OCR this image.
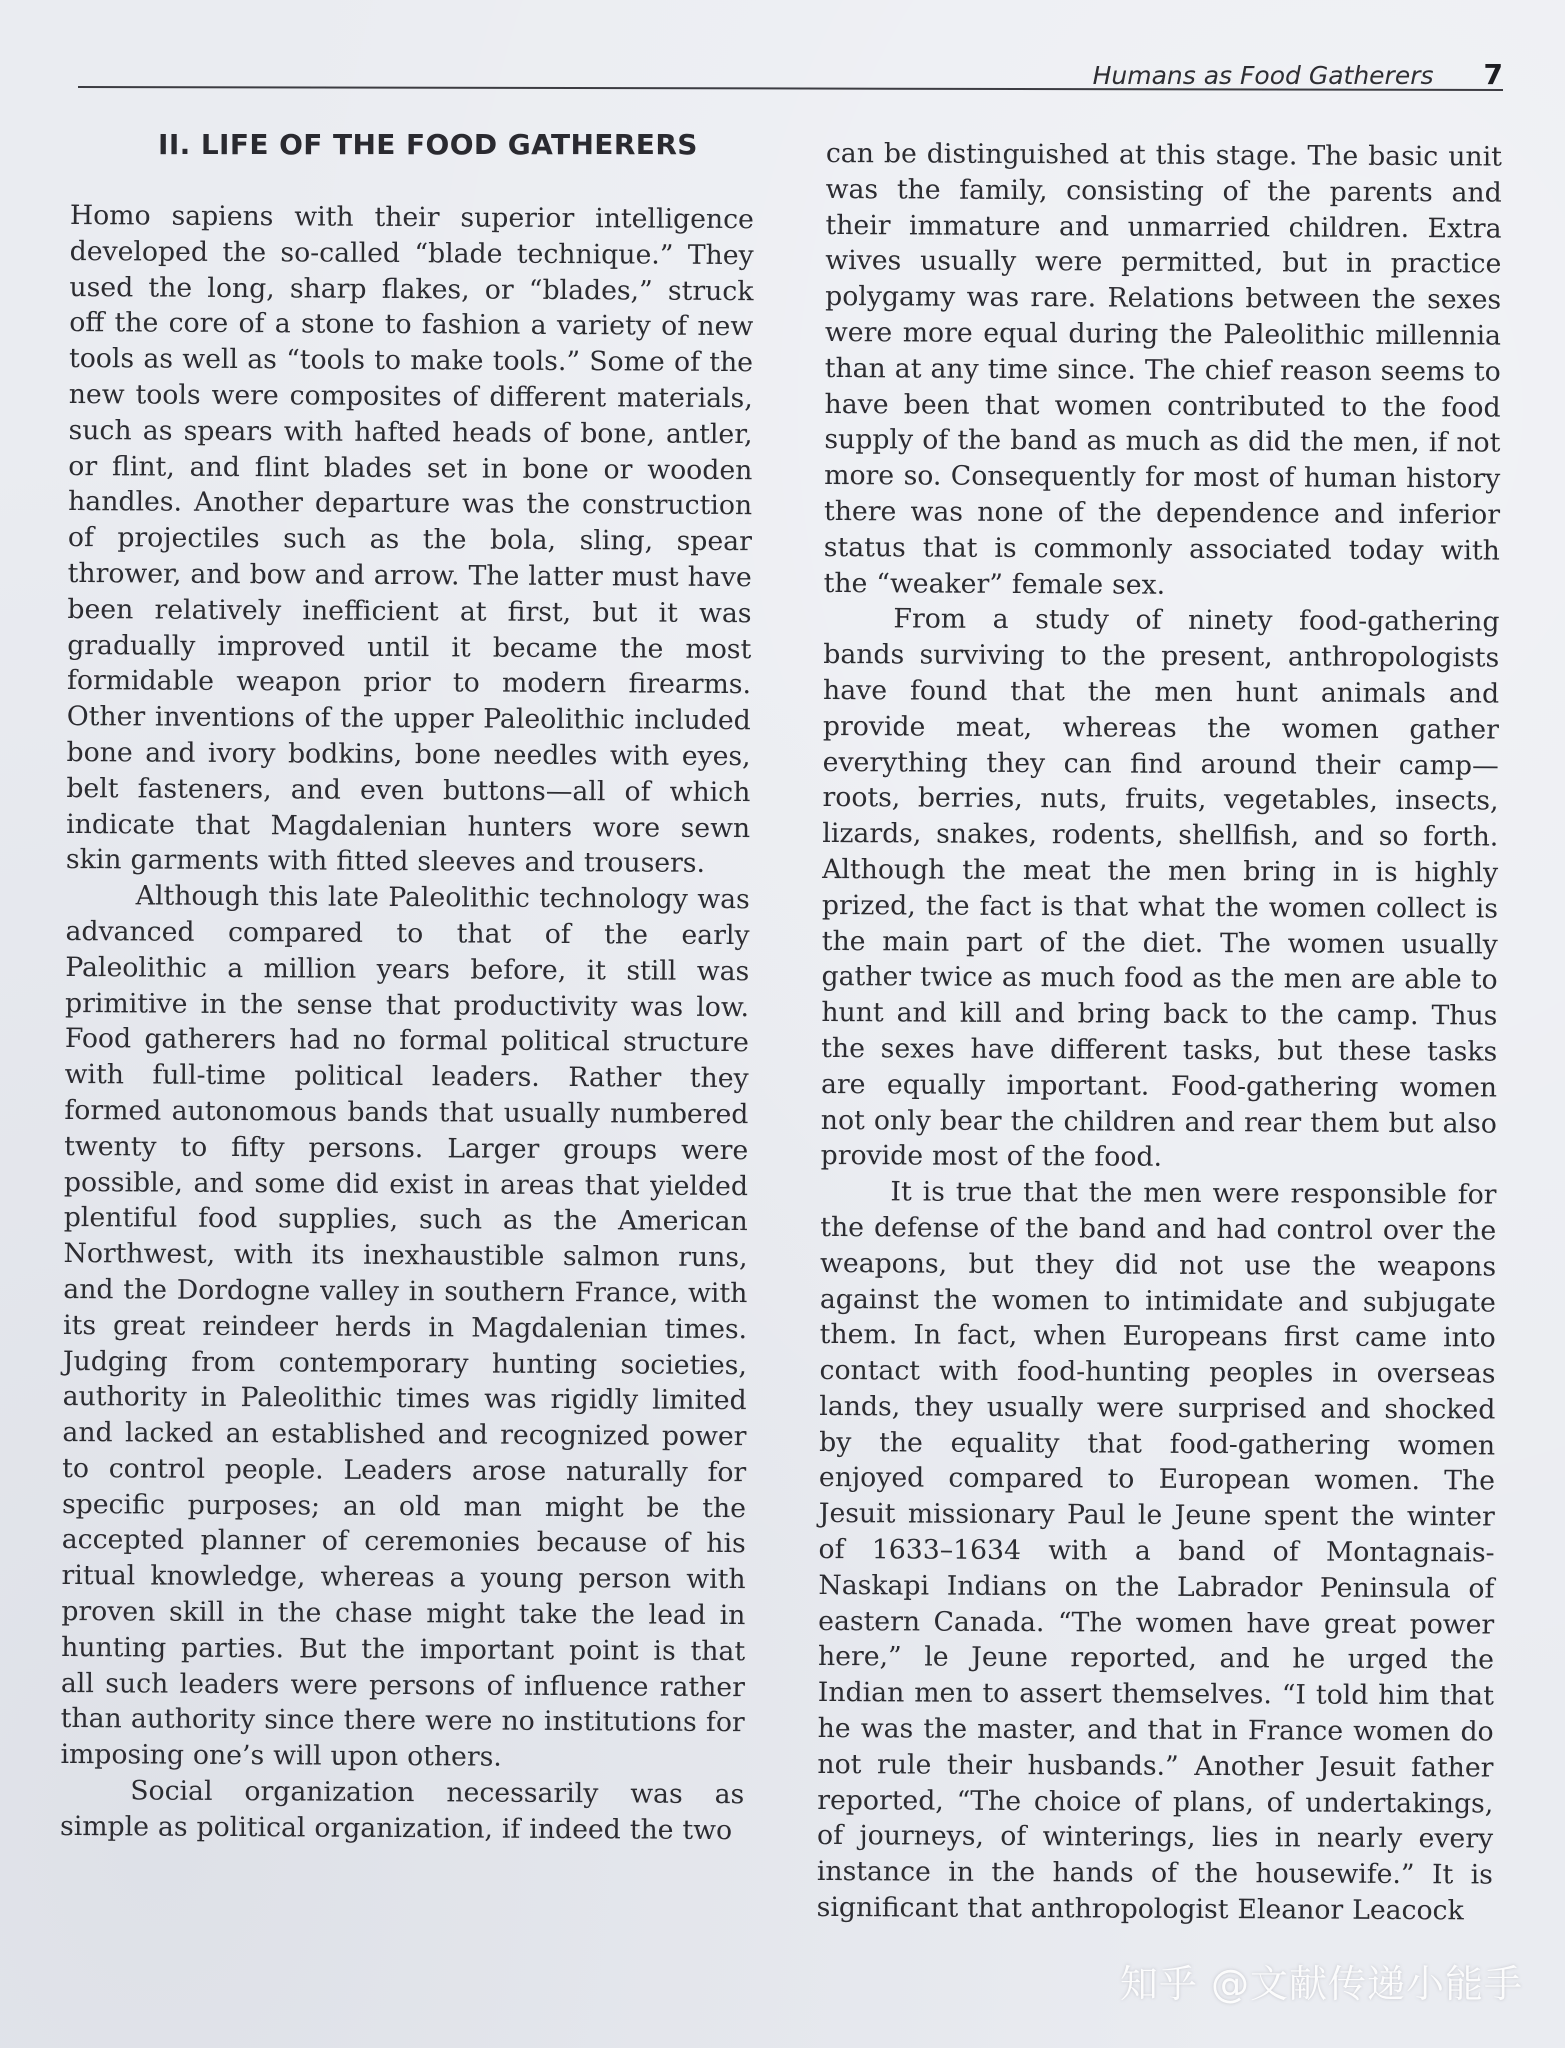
Humans as Food Gatherers 7
II. LIFE OF THE FOOD GATHERERS

Homo sapiens with their superior intelligence developed the so-called “blade technique.” They used the long, sharp flakes, or “blades,” struck off the core of a stone to fashion a variety of new tools as well as “tools to make tools.” Some of the new tools were composites of different materials, such as spears with hafted heads of bone, antler, or flint, and flint blades set in bone or wooden handles. Another departure was the construction of projectiles such as the bola, sling, spear thrower, and bow and arrow. The latter must have been relatively inefficient at first, but it was gradually improved until it became the most formidable weapon prior to modern firearms. Other inventions of the upper Paleolithic included bone and ivory bodkins, bone needles with eyes, belt fasteners, and even buttons—all of which indicate that Magdalenian hunters wore sewn skin garments with fitted sleeves and trousers.

Although this late Paleolithic technology was advanced compared to that of the early Paleolithic a million years before, it still was primitive in the sense that productivity was low. Food gatherers had no formal political structure with full-time political leaders. Rather they formed autonomous bands that usually numbered twenty to fifty persons. Larger groups were possible, and some did exist in areas that yielded plentiful food supplies, such as the American Northwest, with its inexhaustible salmon runs, and the Dordogne valley in southern France, with its great reindeer herds in Magdalenian times. Judging from contemporary hunting societies, authority in Paleolithic times was rigidly limited and lacked an established and recognized power to control people. Leaders arose naturally for specific purposes; an old man might be the accepted planner of ceremonies because of his ritual knowledge, whereas a young person with proven skill in the chase might take the lead in hunting parties. But the important point is that all such leaders were persons of influence rather than authority since there were no institutions for imposing one’s will upon others.

Social organization necessarily was as simple as political organization, if indeed the two

can be distinguished at this stage. The basic unit was the family, consisting of the parents and their immature and unmarried children. Extra wives usually were permitted, but in practice polygamy was rare. Relations between the sexes were more equal during the Paleolithic millennia than at any time since. The chief reason seems to have been that women contributed to the food supply of the band as much as did the men, if not more so. Consequently for most of human history there was none of the dependence and inferior status that is commonly associated today with the “weaker” female sex.

From a study of ninety food-gathering bands surviving to the present, anthropologists have found that the men hunt animals and provide meat, whereas the women gather everything they can find around their camp—roots, berries, nuts, fruits, vegetables, insects, lizards, snakes, rodents, shellfish, and so forth. Although the meat the men bring in is highly prized, the fact is that what the women collect is the main part of the diet. The women usually gather twice as much food as the men are able to hunt and kill and bring back to the camp. Thus the sexes have different tasks, but these tasks are equally important. Food-gathering women not only bear the children and rear them but also provide most of the food.

It is true that the men were responsible for the defense of the band and had control over the weapons, but they did not use the weapons against the women to intimidate and subjugate them. In fact, when Europeans first came into contact with food-hunting peoples in overseas lands, they usually were surprised and shocked by the equality that food-gathering women enjoyed compared to European women. The Jesuit missionary Paul le Jeune spent the winter of 1633–1634 with a band of Montagnais-Naskapi Indians on the Labrador Peninsula of eastern Canada. “The women have great power here,” le Jeune reported, and he urged the Indian men to assert themselves. “I told him that he was the master, and that in France women do not rule their husbands.” Another Jesuit father reported, “The choice of plans, of undertakings, of journeys, of winterings, lies in nearly every instance in the hands of the housewife.” It is significant that anthropologist Eleanor Leacock

知乎 @文献传递小能手
